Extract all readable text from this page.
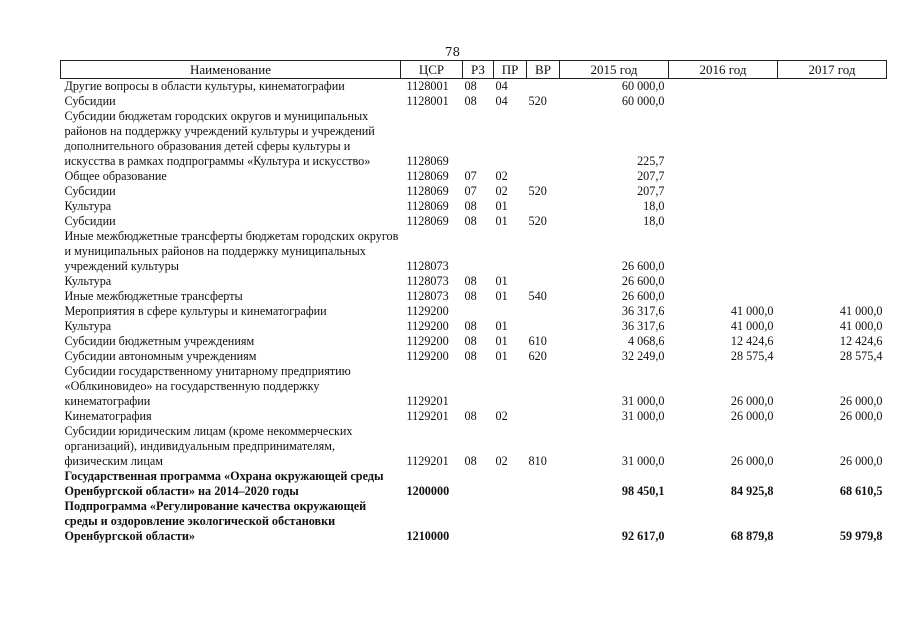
78
Наименование	ЦСР	РЗ	ПР	ВР	2015 год	2016 год	2017 год
Другие вопросы в области культуры, кинематографии	1128001	08	04		60 000,0		
Субсидии	1128001	08	04	520	60 000,0		
Субсидии бюджетам городских округов и муниципальных районов на поддержку учреждений культуры и учреждений дополнительного образования детей сферы культуры и искусства в рамках подпрограммы «Культура и искусство»	1128069				225,7		
Общее образование	1128069	07	02		207,7		
Субсидии	1128069	07	02	520	207,7		
Культура	1128069	08	01		18,0		
Субсидии	1128069	08	01	520	18,0		
Иные межбюджетные трансферты бюджетам городских округов и муниципальных районов на поддержку муниципальных учреждений культуры	1128073				26 600,0		
Культура	1128073	08	01		26 600,0		
Иные межбюджетные трансферты	1128073	08	01	540	26 600,0		
Мероприятия в сфере культуры и кинематографии	1129200				36 317,6	41 000,0	41 000,0
Культура	1129200	08	01		36 317,6	41 000,0	41 000,0
Субсидии бюджетным учреждениям	1129200	08	01	610	4 068,6	12 424,6	12 424,6
Субсидии автономным учреждениям	1129200	08	01	620	32 249,0	28 575,4	28 575,4
Субсидии государственному унитарному предприятию «Облкиновидео» на государственную поддержку кинематографии	1129201				31 000,0	26 000,0	26 000,0
Кинематография	1129201	08	02		31 000,0	26 000,0	26 000,0
Субсидии юридическим лицам (кроме некоммерческих организаций), индивидуальным предпринимателям, физическим лицам	1129201	08	02	810	31 000,0	26 000,0	26 000,0
Государственная программа «Охрана окружающей среды Оренбургской области» на 2014–2020 годы	1200000				98 450,1	84 925,8	68 610,5
Подпрограмма «Регулирование качества окружающей среды и оздоровление экологической обстановки Оренбургской области»	1210000				92 617,0	68 879,8	59 979,8
